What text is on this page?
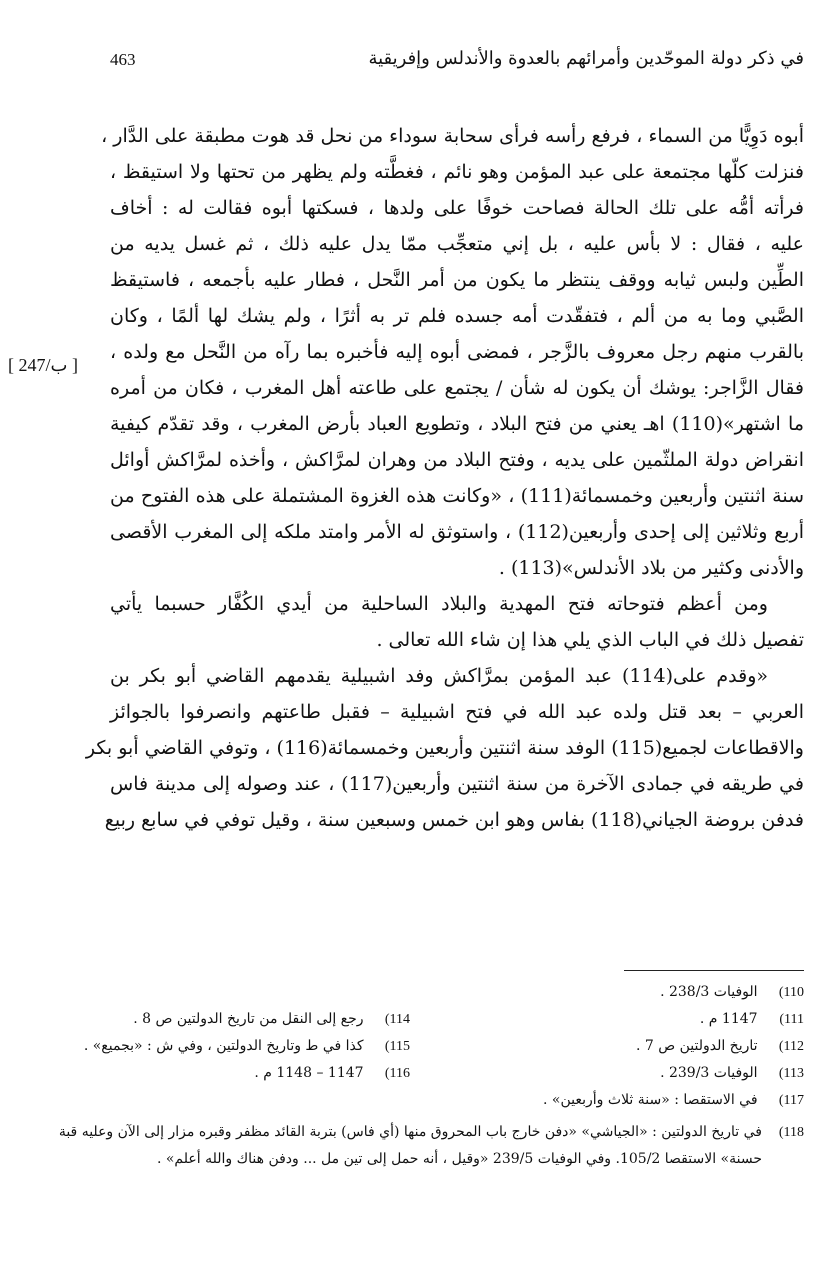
463	في ذكر دولة الموحّدين وأمرائهم بالعدوة والأندلس وإفريقية
[ 247/ب ]
أبوه دَوِيًّا من السماء ، فرفع رأسه فرأى سحابة سوداء من نحل قد هوت مطبقة على الدَّار ،
فنزلت كلّها مجتمعة على عبد المؤمن وهو نائم ، فغطَّته ولم يظهر من تحتها ولا استيقظ ،
فرأته أمُّه على تلك الحالة فصاحت خوفًا على ولدها ، فسكتها أبوه فقالت له : أخاف
عليه ، فقال : لا بأس عليه ، بل إني متعجِّب ممّا يدل عليه ذلك ، ثم غسل يديه من
الطِّين ولبس ثيابه ووقف ينتظر ما يكون من أمر النَّحل ، فطار عليه بأجمعه ، فاستيقظ
الصَّبي وما به من ألم ، فتفقّدت أمه جسده فلم تر به أثرًا ، ولم يشك لها ألمًا ، وكان
بالقرب منهم رجل معروف بالزَّجر ، فمضى أبوه إليه فأخبره بما رآه من النَّحل مع ولده ،
فقال الزَّاجر: يوشك أن يكون له شأن / يجتمع على طاعته أهل المغرب ، فكان من أمره
ما اشتهر»(110) اهـ يعني من فتح البلاد ، وتطويع العباد بأرض المغرب ، وقد تقدّم كيفية
انقراض دولة الملثّمين على يديه ، وفتح البلاد من وهران لمرَّاكش ، وأخذه لمرَّاكش أوائل
سنة اثنتين وأربعين وخمسمائة(111) ، «وكانت هذه الغزوة المشتملة على هذه الفتوح من
أربع وثلاثين إلى إحدى وأربعين(112) ، واستوثق له الأمر وامتد ملكه إلى المغرب الأقصى
والأدنى وكثير من بلاد الأندلس»(113) .
ومن أعظم فتوحاته فتح المهدية والبلاد الساحلية من أيدي الكُفَّار حسبما يأتي
تفصيل ذلك في الباب الذي يلي هذا إن شاء الله تعالى .
«وقدم على(114) عبد المؤمن بمرَّاكش وفد اشبيلية يقدمهم القاضي أبو بكر بن
العربي – بعد قتل ولده عبد الله في فتح اشبيلية – فقبل طاعتهم وانصرفوا بالجوائز
والاقطاعات لجميع(115) الوفد سنة اثنتين وأربعين وخمسمائة(116) ، وتوفي القاضي أبو بكر
في طريقه في جمادى الآخرة من سنة اثنتين وأربعين(117) ، عند وصوله إلى مدينة فاس
فدفن بروضة الجياني(118) بفاس وهو ابن خمس وسبعين سنة ، وقيل توفي في سابع ربيع
110) الوفيات 238/3 .
111) 1147 م .
114) رجع إلى النقل من تاريخ الدولتين ص 8 .
112) تاريخ الدولتين ص 7 .
115) كذا في ط وتاريخ الدولتين ، وفي ش : «بجميع» .
113) الوفيات 239/3 .
116) 1147 – 1148 م .
117) في الاستقصا : «سنة ثلاث وأربعين» .
118)
في تاريخ الدولتين : «الجياشي» «دفن خارج باب المحروق منها (أي فاس) بتربة القائد مظفر وقبره مزار إلى الآن وعليه قبة حسنة» الاستقصا 105/2. وفي الوفيات 239/5 «وقيل ، أنه حمل إلى تين مل ... ودفن هناك والله أعلم» .
